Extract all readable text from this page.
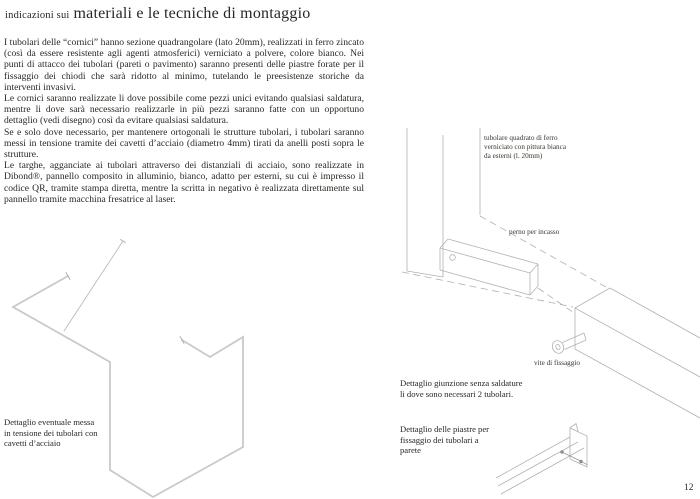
indicazioni sui materiali e le tecniche di montaggio

I tubolari delle “cornici” hanno sezione quadrangolare (lato 20mm), realizzati in ferro zincato (così da essere resistente agli agenti atmosferici) verniciato a polvere, colore bianco. Nei punti di attacco dei tubolari (pareti o pavimento) saranno presenti delle piastre forate per il fissaggio dei chiodi che sarà ridotto al minimo, tutelando le preesistenze storiche da interventi invasivi.

Le cornici saranno realizzate li dove possibile come pezzi unici evitando qualsiasi saldatura, mentre li dove sarà necessario realizzarle in più pezzi saranno fatte con un opportuno dettaglio (vedi disegno) così da evitare qualsiasi saldatura.

Se e solo dove necessario, per mantenere ortogonali le strutture tubolari, i tubolari saranno messi in tensione tramite dei cavetti d’acciaio (diametro 4mm) tirati da anelli posti sopra le strutture.

Le targhe, agganciate ai tubolari attraverso dei distanziali di acciaio, sono realizzate in Dibond®, pannello composito in alluminio, bianco, adatto per esterni, su cui è impresso il codice QR, tramite stampa diretta, mentre la scritta in negativo è realizzata direttamente sul pannello tramite macchina fresatrice al laser.

tubolare quadrato di ferro
verniciato con pittura bianca
da esterni (l. 20mm)
perno per incasso
vite di fissaggio
Dettaglio eventuale messa
in tensione dei tubolari con
cavetti d’acciaio
Dettaglio giunzione senza saldature
li dove sono necessari 2 tubolari.
Dettaglio delle piastre per
fissaggio dei tubolari a
parete
12
